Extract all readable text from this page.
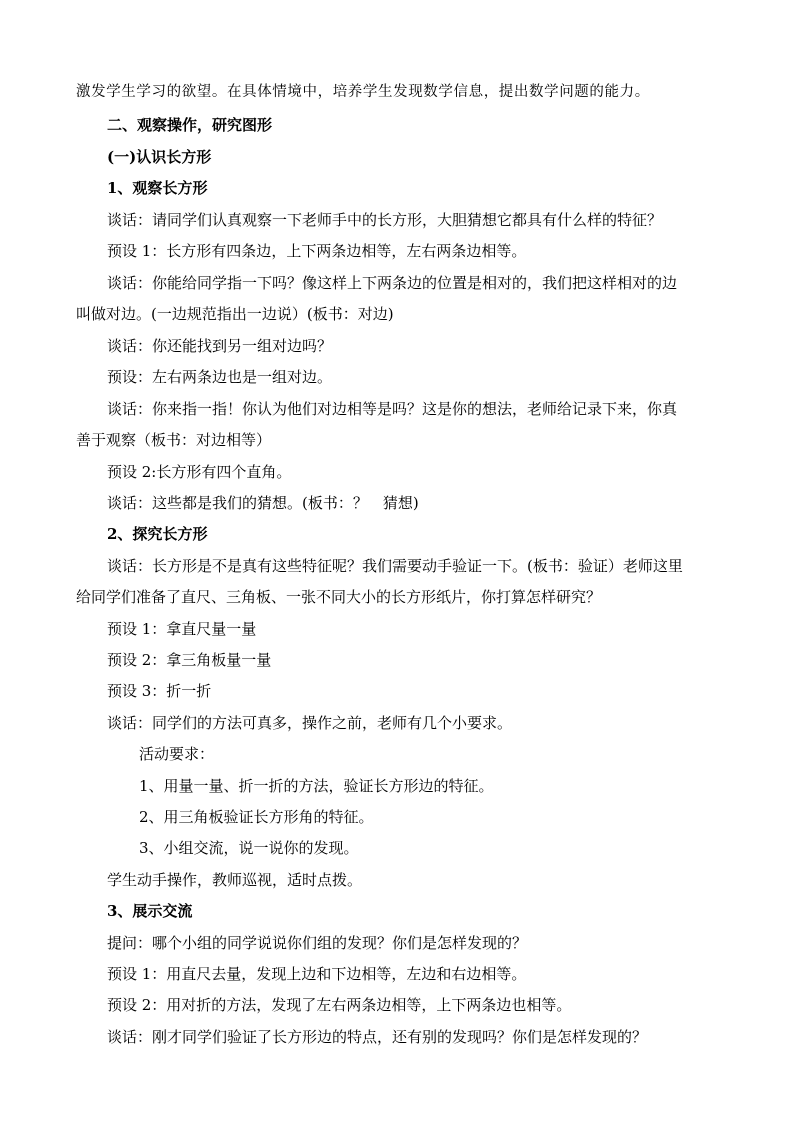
激发学生学习的欲望。在具体情境中，培养学生发现数学信息，提出数学问题的能力。
二、观察操作，研究图形
(一)认识长方形
1、观察长方形
谈话：请同学们认真观察一下老师手中的长方形，大胆猜想它都具有什么样的特征？
预设 1：长方形有四条边，上下两条边相等，左右两条边相等。
谈话：你能给同学指一下吗？像这样上下两条边的位置是相对的，我们把这样相对的边
叫做对边。(一边规范指出一边说）(板书：对边)
谈话：你还能找到另一组对边吗？
预设：左右两条边也是一组对边。
谈话：你来指一指！你认为他们对边相等是吗？这是你的想法，老师给记录下来，你真
善于观察（板书：对边相等）
预设 2:长方形有四个直角。
谈话：这些都是我们的猜想。(板书：？　猜想)
2、探究长方形
谈话：长方形是不是真有这些特征呢？我们需要动手验证一下。(板书：验证）老师这里
给同学们准备了直尺、三角板、一张不同大小的长方形纸片，你打算怎样研究？
预设 1：拿直尺量一量
预设 2：拿三角板量一量
预设 3：折一折
谈话：同学们的方法可真多，操作之前，老师有几个小要求。
活动要求：
1、用量一量、折一折的方法，验证长方形边的特征。
2、用三角板验证长方形角的特征。
3、小组交流，说一说你的发现。
学生动手操作，教师巡视，适时点拨。
3、展示交流
提问：哪个小组的同学说说你们组的发现？你们是怎样发现的？
预设 1：用直尺去量，发现上边和下边相等，左边和右边相等。
预设 2：用对折的方法，发现了左右两条边相等，上下两条边也相等。
谈话：刚才同学们验证了长方形边的特点，还有别的发现吗？你们是怎样发现的？
